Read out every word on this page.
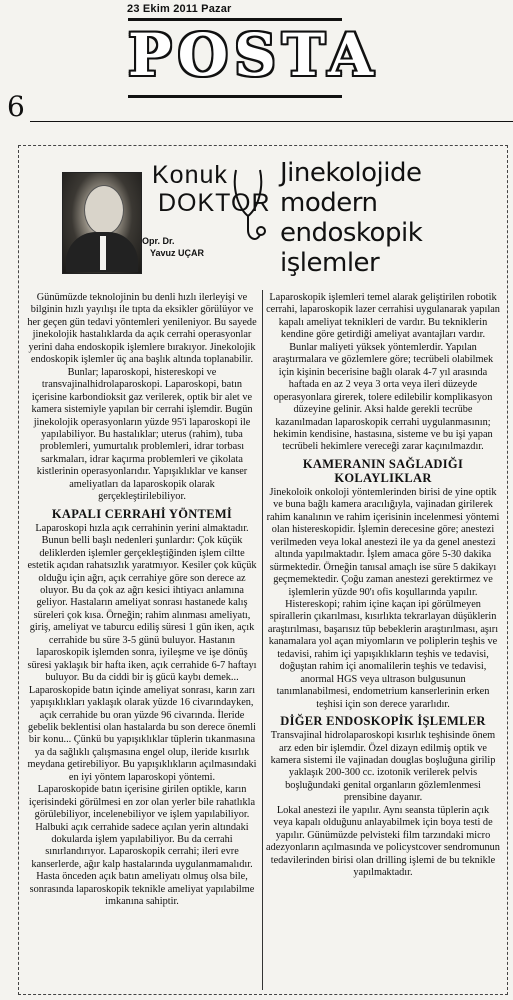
23 Ekim 2011 Pazar
POSTA
6
Konuk
DOKTOR
Opr. Dr.
Yavuz UÇAR
Jinekolojide
modern
endoskopik
işlemler

Günümüzde teknolojinin bu denli hızlı ilerleyişi ve bilginin hızlı yayılışı ile tıpta da eksikler görülüyor ve her geçen gün tedavi yöntemleri yenileniyor. Bu sayede jinekolojik hastalıklarda da açık cerrahi operasyonlar yerini daha endoskopik işlemlere bırakıyor. Jinekolojik endoskopik işlemler üç ana başlık altında toplanabilir. Bunlar; laparoskopi, histereskopi ve transvajinalhidrolaparoskopi. Laparoskopi, batın içerisine karbondioksit gaz verilerek, optik bir alet ve kamera sistemiyle yapılan bir cerrahi işlemdir. Bugün jinekolojik operasyonların yüzde 95'i laparoskopi ile yapılabiliyor. Bu hastalıklar; uterus (rahim), tuba problemleri, yumurtalık problemleri, idrar torbası sarkmaları, idrar kaçırma problemleri ve çikolata kistlerinin operasyonlarıdır. Yapışıklıklar ve kanser ameliyatları da laparoskopik olarak gerçekleştirilebiliyor.

KAPALI CERRAHİ YÖNTEMİ

Laparoskopi hızla açık cerrahinin yerini almaktadır. Bunun belli başlı nedenleri şunlardır: Çok küçük deliklerden işlemler gerçekleştiğinden işlem ciltte estetik açıdan rahatsızlık yaratmıyor. Kesiler çok küçük olduğu için ağrı, açık cerrahiye göre son derece az oluyor. Bu da çok az ağrı kesici ihtiyacı anlamına geliyor. Hastaların ameliyat sonrası hastanede kalış süreleri çok kısa. Örneğin; rahim alınması ameliyatı, giriş, ameliyat ve taburcu ediliş süresi 1 gün iken, açık cerrahide bu süre 3-5 günü buluyor. Hastanın laparoskopik işlemden sonra, iyileşme ve işe dönüş süresi yaklaşık bir hafta iken, açık cerrahide 6-7 haftayı buluyor. Bu da ciddi bir iş gücü kaybı demek... Laparoskopide batın içinde ameliyat sonrası, karın zarı yapışıklıkları yaklaşık olarak yüzde 16 civarındayken, açık cerrahide bu oran yüzde 96 civarında. İleride gebelik beklentisi olan hastalarda bu son derece önemli bir konu... Çünkü bu yapışıklıklar tüplerin tıkanmasına ya da sağlıklı çalışmasına engel olup, ileride kısırlık meydana getirebiliyor. Bu yapışıklıkların açılmasındaki en iyi yöntem laparoskopi yöntemi.

Laparoskopide batın içerisine girilen optikle, karın içerisindeki görülmesi en zor olan yerler bile rahatlıkla görülebiliyor, incelenebiliyor ve işlem yapılabiliyor. Halbuki açık cerrahide sadece açılan yerin altındaki dokularda işlem yapılabiliyor. Bu da cerrahi sınırlandırıyor. Laparoskopik cerrahi; ileri evre kanserlerde, ağır kalp hastalarında uygulanmamalıdır. Hasta önceden açık batın ameliyatı olmuş olsa bile, sonrasında laparoskopik teknikle ameliyat yapılabilme imkanına sahiptir.

Laparoskopik işlemleri temel alarak geliştirilen robotik cerrahi, laparoskopik lazer cerrahisi uygulanarak yapılan kapalı ameliyat teknikleri de vardır. Bu tekniklerin kendine göre getirdiği ameliyat avantajları vardır. Bunlar maliyeti yüksek yöntemlerdir. Yapılan araştırmalara ve gözlemlere göre; tecrübeli olabilmek için kişinin becerisine bağlı olarak 4-7 yıl arasında haftada en az 2 veya 3 orta veya ileri düzeyde operasyonlara girerek, tolere edilebilir komplikasyon düzeyine gelinir. Aksi halde gerekli tecrübe kazanılmadan laparoskopik cerrahi uygulanmasının; hekimin kendisine, hastasına, sisteme ve bu işi yapan tecrübeli hekimlere vereceği zarar kaçınılmazdır.

KAMERANIN SAĞLADIĞI KOLAYLIKLAR

Jinekoloik onkoloji yöntemlerinden birisi de yine optik ve buna bağlı kamera aracılığıyla, vajinadan girilerek rahim kanalının ve rahim içerisinin incelenmesi yöntemi olan histereskopidir. İşlemin derecesine göre; anestezi verilmeden veya lokal anestezi ile ya da genel anestezi altında yapılmaktadır. İşlem amaca göre 5-30 dakika sürmektedir. Örneğin tanısal amaçlı ise süre 5 dakikayı geçmemektedir. Çoğu zaman anestezi gerektirmez ve işlemlerin yüzde 90'ı ofis koşullarında yapılır. Histereskopi; rahim içine kaçan ipi görülmeyen spirallerin çıkarılması, kısırlıkta tekrarlayan düşüklerin araştırılması, başarısız tüp bebeklerin araştırılması, aşırı kanamalara yol açan miyomların ve poliplerin teşhis ve tedavisi, rahim içi yapışıklıkların teşhis ve tedavisi, doğuştan rahim içi anomalilerin teşhis ve tedavisi, anormal HGS veya ultrason bulgusunun tanımlanabilmesi, endometrium kanserlerinin erken teşhisi için son derece yararlıdır.

DİĞER ENDOSKOPİK İŞLEMLER

Transvajinal hidrolaparoskopi kısırlık teşhisinde önem arz eden bir işlemdir. Özel dizayn edilmiş optik ve kamera sistemi ile vajinadan douglas boşluğuna girilip yaklaşık 200-300 cc. izotonik verilerek pelvis boşluğundaki genital organların gözlemlenmesi prensibine dayanır.

Lokal anestezi ile yapılır. Aynı seansta tüplerin açık veya kapalı olduğunu anlayabilmek için boya testi de yapılır. Günümüzde pelvisteki film tarzındaki micro adezyonların açılmasında ve policystcover sendromunun tedavilerinden birisi olan drilling işlemi de bu teknikle yapılmaktadır.
